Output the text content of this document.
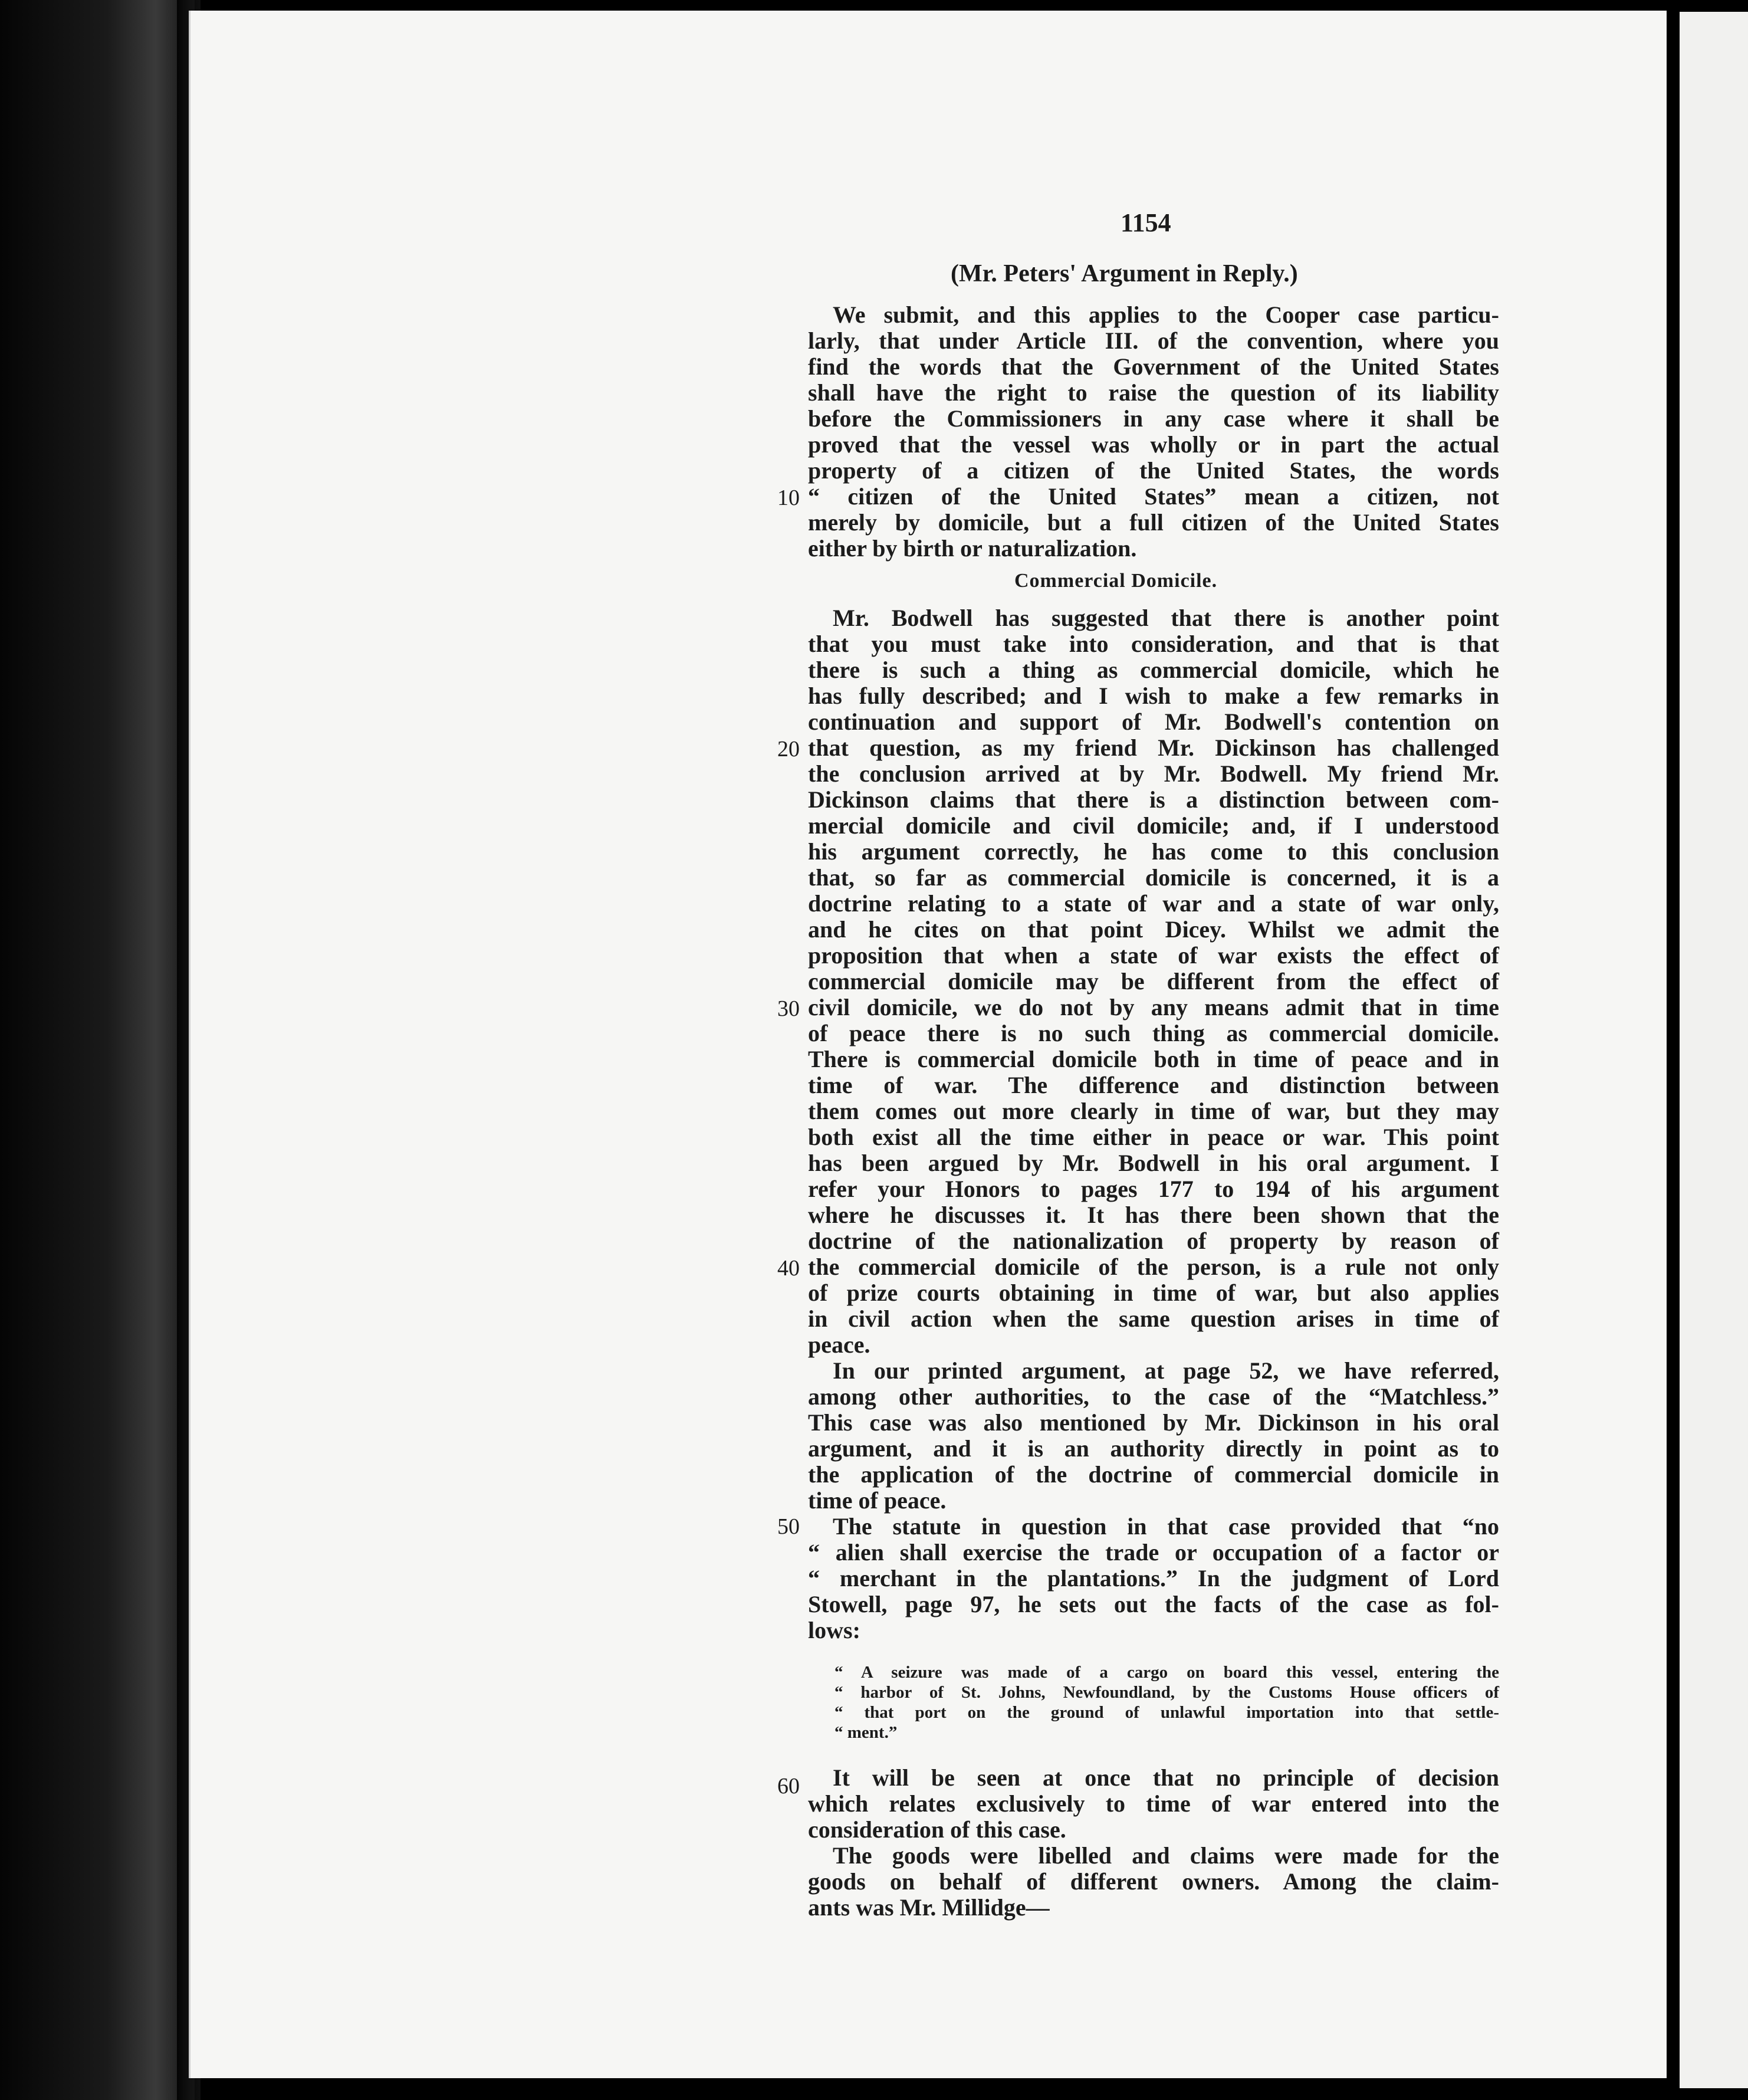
1154
(Mr. Peters' Argument in Reply.)
We submit, and this applies to the Cooper case particu-
larly, that under Article III. of the convention, where you
find the words that the Government of the United States
shall have the right to raise the question of its liability
before the Commissioners in any case where it shall be
proved that the vessel was wholly or in part the actual
property of a citizen of the United States, the words
“ citizen of the United States” mean a citizen, not
merely by domicile, but a full citizen of the United States
either by birth or naturalization.
10
Commercial Domicile.
Mr. Bodwell has suggested that there is another point
that you must take into consideration, and that is that
there is such a thing as commercial domicile, which he
has fully described; and I wish to make a few remarks in
continuation and support of Mr. Bodwell's contention on
that question, as my friend Mr. Dickinson has challenged
the conclusion arrived at by Mr. Bodwell. My friend Mr.
Dickinson claims that there is a distinction between com-
mercial domicile and civil domicile; and, if I understood
his argument correctly, he has come to this conclusion
that, so far as commercial domicile is concerned, it is a
doctrine relating to a state of war and a state of war only,
and he cites on that point Dicey. Whilst we admit the
proposition that when a state of war exists the effect of
commercial domicile may be different from the effect of
civil domicile, we do not by any means admit that in time
of peace there is no such thing as commercial domicile.
There is commercial domicile both in time of peace and in
time of war. The difference and distinction between
them comes out more clearly in time of war, but they may
both exist all the time either in peace or war. This point
has been argued by Mr. Bodwell in his oral argument. I
refer your Honors to pages 177 to 194 of his argument
where he discusses it. It has there been shown that the
doctrine of the nationalization of property by reason of
the commercial domicile of the person, is a rule not only
of prize courts obtaining in time of war, but also applies
in civil action when the same question arises in time of
peace.
20
30
40
In our printed argument, at page 52, we have referred,
among other authorities, to the case of the “Matchless.”
This case was also mentioned by Mr. Dickinson in his oral
argument, and it is an authority directly in point as to
the application of the doctrine of commercial domicile in
time of peace.
The statute in question in that case provided that “no
“ alien shall exercise the trade or occupation of a factor or
“ merchant in the plantations.” In the judgment of Lord
Stowell, page 97, he sets out the facts of the case as fol-
lows:
50
“ A seizure was made of a cargo on board this vessel, entering the
“ harbor of St. Johns, Newfoundland, by the Customs House officers of
“ that port on the ground of unlawful importation into that settle-
“ ment.”
It will be seen at once that no principle of decision
which relates exclusively to time of war entered into the
consideration of this case.
60
The goods were libelled and claims were made for the
goods on behalf of different owners. Among the claim-
ants was Mr. Millidge—
